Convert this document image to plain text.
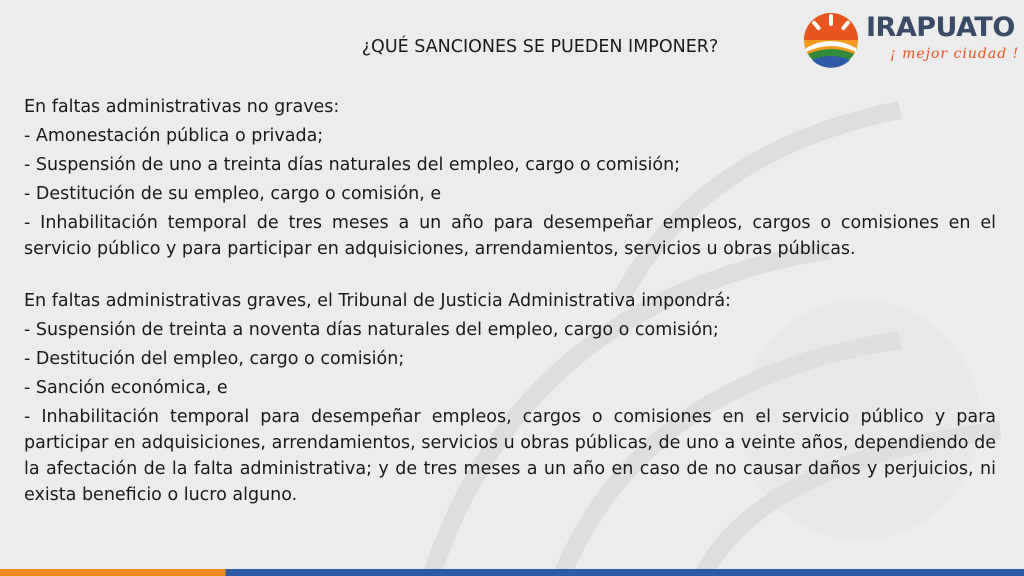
IRAPUATO
¡ mejor ciudad !

¿QUÉ SANCIONES SE PUEDEN IMPONER?

En faltas administrativas no graves:

- Amonestación pública o privada;

- Suspensión de uno a treinta días naturales del empleo, cargo o comisión;

- Destitución de su empleo, cargo o comisión, e

- Inhabilitación temporal de tres meses a un año para desempeñar empleos, cargos o comisiones en el servicio público y para participar en adquisiciones, arrendamientos, servicios u obras públicas.

En faltas administrativas graves, el Tribunal de Justicia Administrativa impondrá:

- Suspensión de treinta a noventa días naturales del empleo, cargo o comisión;

- Destitución del empleo, cargo o comisión;

- Sanción económica, e

- Inhabilitación temporal para desempeñar empleos, cargos o comisiones en el servicio público y para participar en adquisiciones, arrendamientos, servicios u obras públicas, de uno a veinte años, dependiendo de la afectación de la falta administrativa; y de tres meses a un año en caso de no causar daños y perjuicios, ni exista beneficio o lucro alguno.
